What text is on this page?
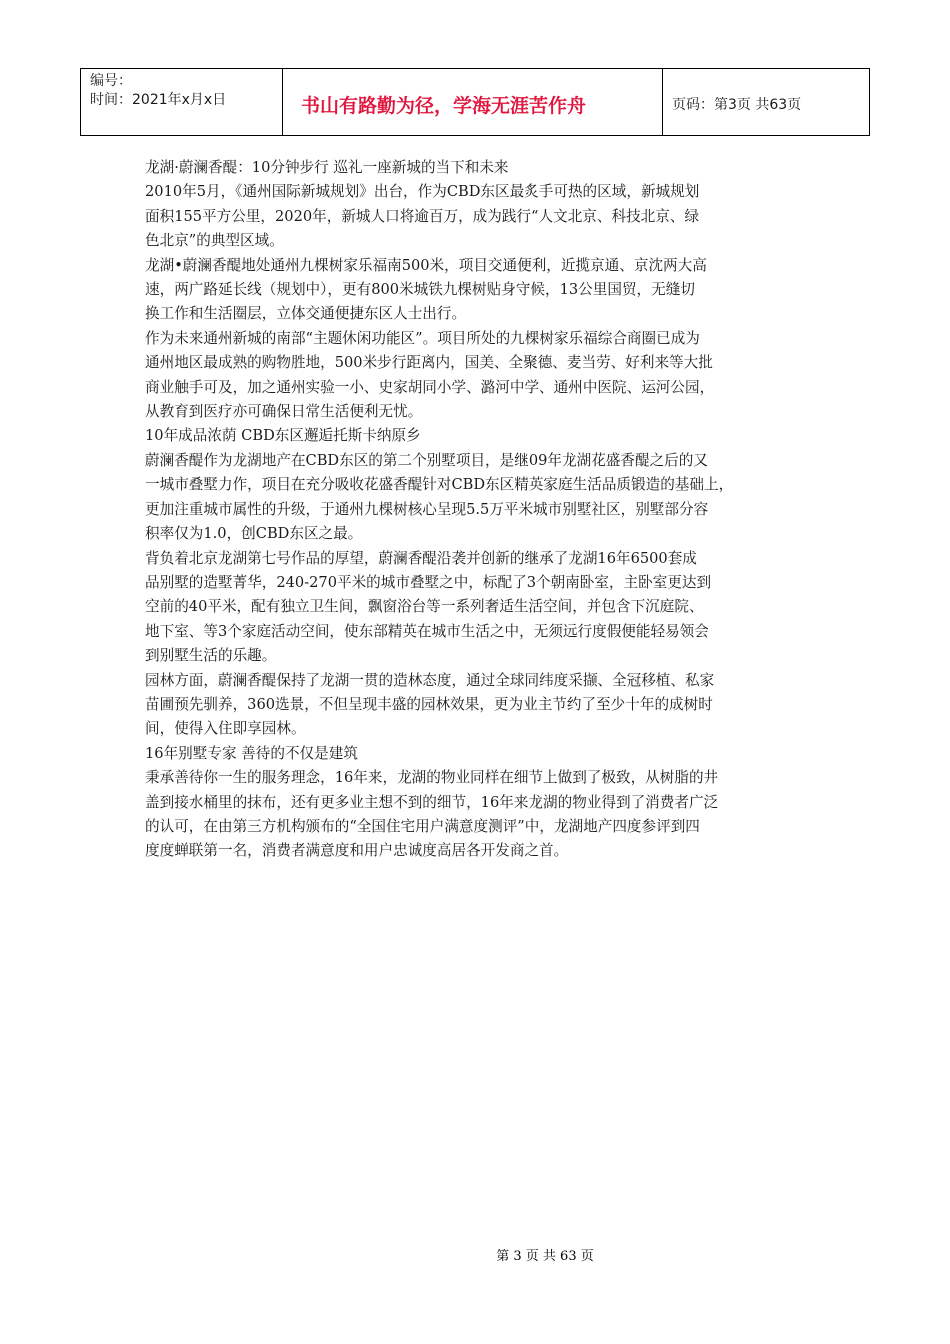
编号：
时间：2021年x月x日	书山有路勤为径，学海无涯苦作舟	页码：第3页 共63页
龙湖·蔚澜香醍：10分钟步行 巡礼一座新城的当下和未来
2010年5月，《通州国际新城规划》出台，作为CBD东区最炙手可热的区域，新城规划
面积155平方公里，2020年，新城人口将逾百万，成为践行“人文北京、科技北京、绿
色北京”的典型区域。
龙湖•蔚澜香醍地处通州九棵树家乐福南500米，项目交通便利，近揽京通、京沈两大高
速，两广路延长线（规划中），更有800米城铁九棵树贴身守候，13公里国贸，无缝切
换工作和生活圈层，立体交通便捷东区人士出行。
作为未来通州新城的南部“主题休闲功能区”。项目所处的九棵树家乐福综合商圈已成为
通州地区最成熟的购物胜地，500米步行距离内，国美、全聚德、麦当劳、好利来等大批
商业触手可及，加之通州实验一小、史家胡同小学、潞河中学、通州中医院、运河公园，
从教育到医疗亦可确保日常生活便利无忧。
10年成品浓荫 CBD东区邂逅托斯卡纳原乡
蔚澜香醍作为龙湖地产在CBD东区的第二个别墅项目，是继09年龙湖花盛香醍之后的又
一城市叠墅力作，项目在充分吸收花盛香醍针对CBD东区精英家庭生活品质锻造的基础上，
更加注重城市属性的升级，于通州九棵树核心呈现5.5万平米城市别墅社区，别墅部分容
积率仅为1.0，创CBD东区之最。
背负着北京龙湖第七号作品的厚望，蔚澜香醍沿袭并创新的继承了龙湖16年6500套成
品别墅的造墅菁华，240-270平米的城市叠墅之中，标配了3个朝南卧室，主卧室更达到
空前的40平米，配有独立卫生间，飘窗浴台等一系列奢适生活空间，并包含下沉庭院、
地下室、等3个家庭活动空间，使东部精英在城市生活之中，无须远行度假便能轻易领会
到别墅生活的乐趣。
园林方面，蔚澜香醍保持了龙湖一贯的造林态度，通过全球同纬度采撷、全冠移植、私家
苗圃预先驯养，360选景，不但呈现丰盛的园林效果，更为业主节约了至少十年的成树时
间，使得入住即享园林。
16年别墅专家 善待的不仅是建筑
秉承善待你一生的服务理念，16年来，龙湖的物业同样在细节上做到了极致，从树脂的井
盖到接水桶里的抹布，还有更多业主想不到的细节，16年来龙湖的物业得到了消费者广泛
的认可，在由第三方机构颁布的“全国住宅用户满意度测评”中，龙湖地产四度参评到四
度度蝉联第一名，消费者满意度和用户忠诚度高居各开发商之首。
第 3 页 共 63 页
